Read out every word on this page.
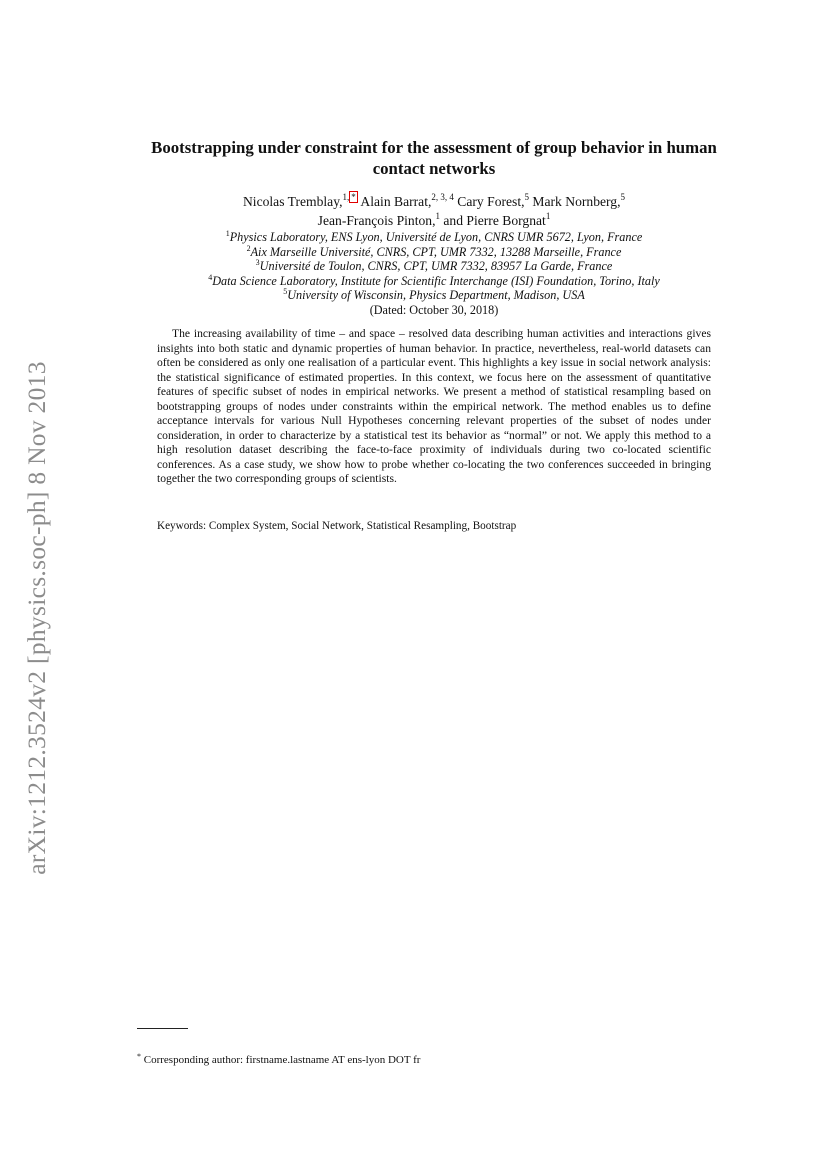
arXiv:1212.3524v2 [physics.soc-ph] 8 Nov 2013
Bootstrapping under constraint for the assessment of group behavior in human contact networks
Nicolas Tremblay,$^{1, *}$ Alain Barrat,$^{2, 3, 4}$ Cary Forest,$^5$ Mark Nornberg,$^5$ Jean-François Pinton,$^1$ and Pierre Borgnat$^1$
$^1$Physics Laboratory, ENS Lyon, Université de Lyon, CNRS UMR 5672, Lyon, France
$^2$Aix Marseille Université, CNRS, CPT, UMR 7332, 13288 Marseille, France
$^3$Université de Toulon, CNRS, CPT, UMR 7332, 83957 La Garde, France
$^4$Data Science Laboratory, Institute for Scientific Interchange (ISI) Foundation, Torino, Italy
$^5$University of Wisconsin, Physics Department, Madison, USA
(Dated: October 30, 2018)

The increasing availability of time – and space – resolved data describing human activities and interactions gives insights into both static and dynamic properties of human behavior. In practice, nevertheless, real-world datasets can often be considered as only one realisation of a particular event. This highlights a key issue in social network analysis: the statistical significance of estimated properties. In this context, we focus here on the assessment of quantitative features of specific subset of nodes in empirical networks. We present a method of statistical resampling based on bootstrapping groups of nodes under constraints within the empirical network. The method enables us to define acceptance intervals for various Null Hypotheses concerning relevant properties of the subset of nodes under consideration, in order to characterize by a statistical test its behavior as “normal” or not. We apply this method to a high resolution dataset describing the face-to-face proximity of individuals during two co-located scientific conferences. As a case study, we show how to probe whether co-locating the two conferences succeeded in bringing together the two corresponding groups of scientists.

Keywords: Complex System, Social Network, Statistical Resampling, Bootstrap
* Corresponding author: firstname.lastname AT ens-lyon DOT fr
